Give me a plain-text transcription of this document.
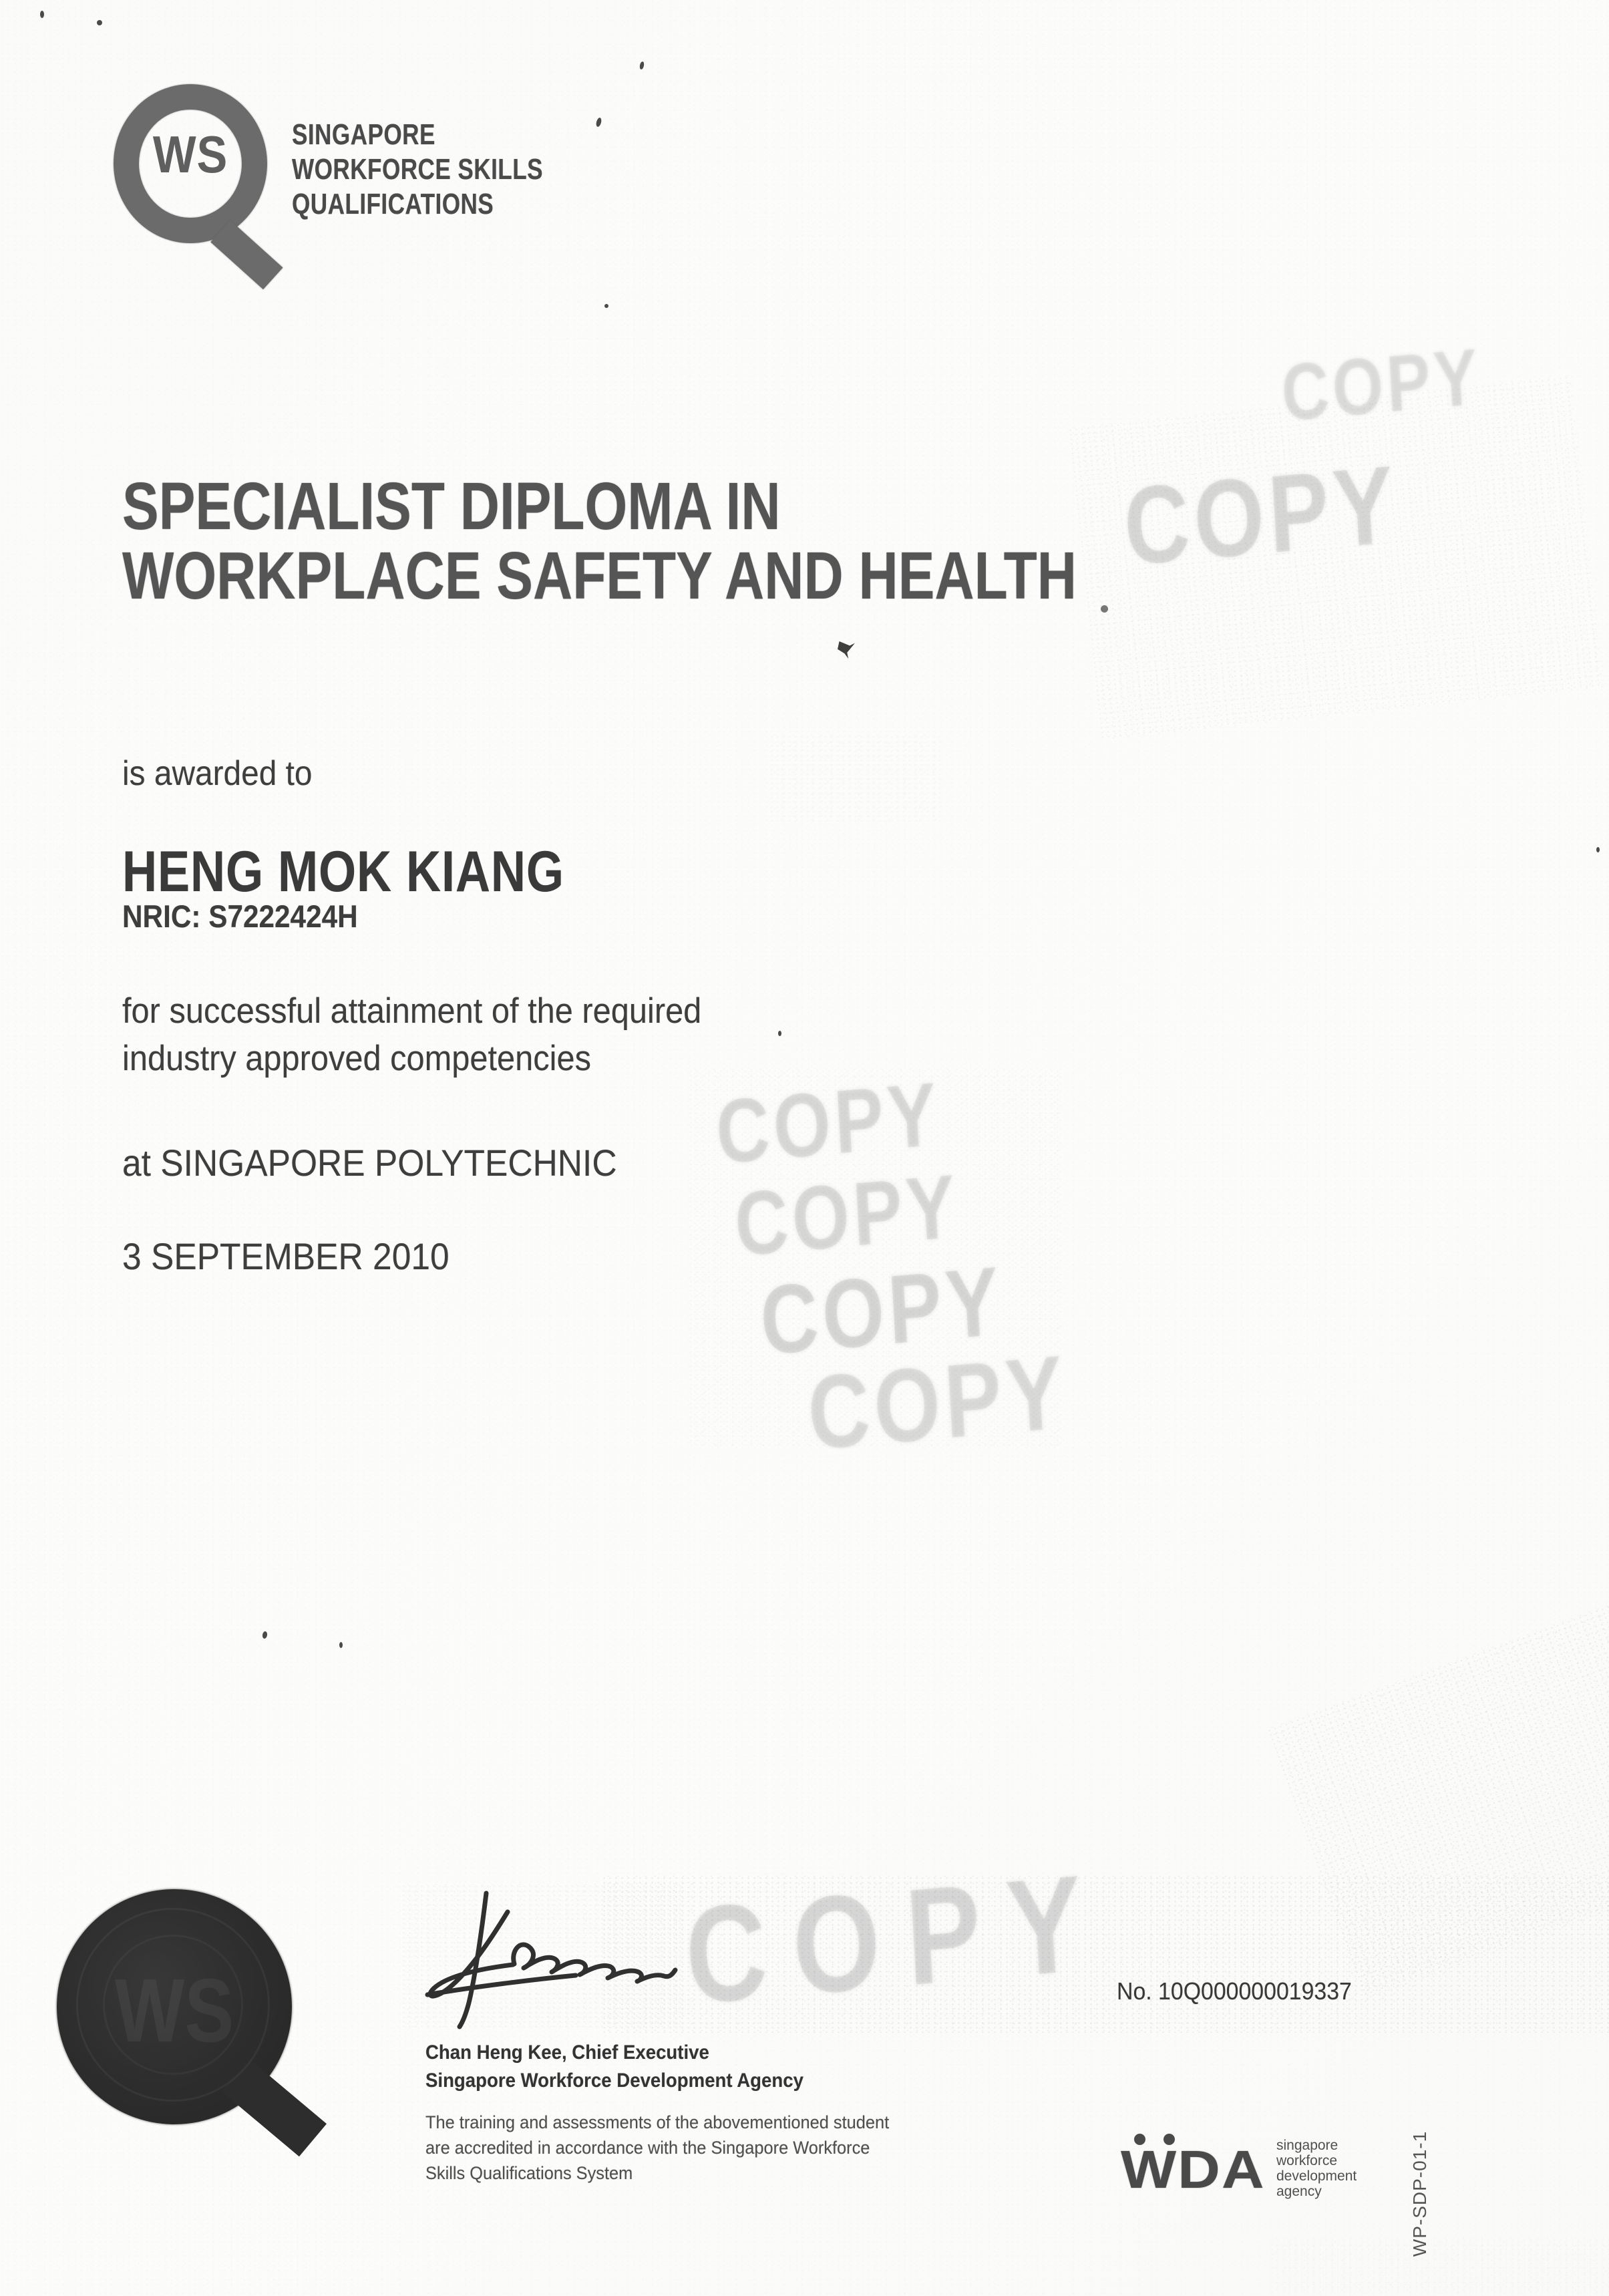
WS SINGAPORE
WORKFORCE SKILLS
QUALIFICATIONS
SPECIALIST DIPLOMA IN
WORKPLACE SAFETY AND HEALTH
is awarded to
HENG MOK KIANG
NRIC: S7222424H
for successful attainment of the required
industry approved competencies
at SINGAPORE POLYTECHNIC
3 SEPTEMBER 2010
COPY
COPY
COPY
COPY
COPY
COPY
COPY
WS	No. 10Q000000019337
Chan Heng Kee, Chief Executive
Singapore Workforce Development Agency
The training and assessments of the abovementioned student
are accredited in accordance with the Singapore Workforce
Skills Qualifications System	WDA singapore
workforce
development
agency	WP-SDP-01-1
